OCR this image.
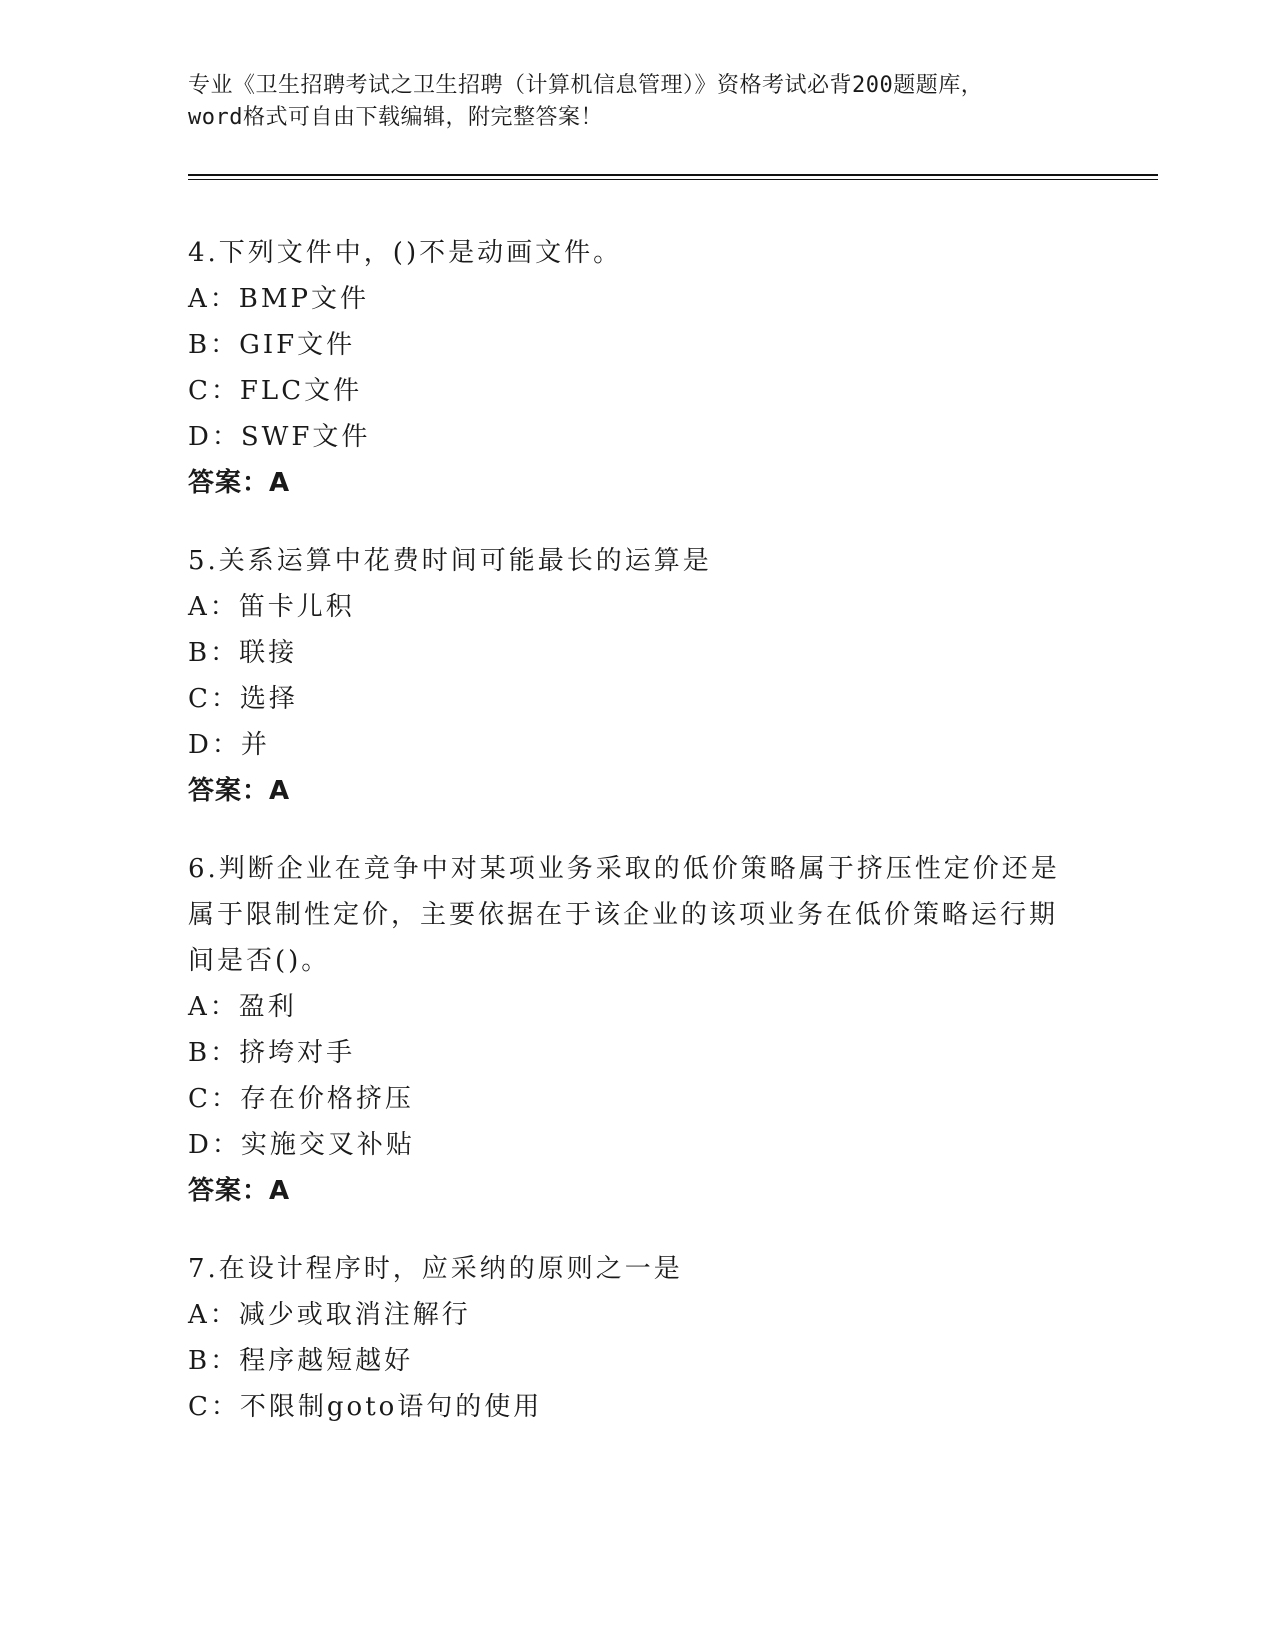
专业《卫生招聘考试之卫生招聘（计算机信息管理）》资格考试必背200题题库，
word格式可自由下载编辑，附完整答案！
4.下列文件中，()不是动画文件。
A：BMP文件
B：GIF文件
C：FLC文件
D：SWF文件
答案：A
5.关系运算中花费时间可能最长的运算是
A：笛卡儿积
B：联接
C：选择
D：并
答案：A
6.判断企业在竞争中对某项业务采取的低价策略属于挤压性定价还是
属于限制性定价，主要依据在于该企业的该项业务在低价策略运行期
间是否()。
A：盈利
B：挤垮对手
C：存在价格挤压
D：实施交叉补贴
答案：A
7.在设计程序时，应采纳的原则之一是
A：减少或取消注解行
B：程序越短越好
C：不限制goto语句的使用
